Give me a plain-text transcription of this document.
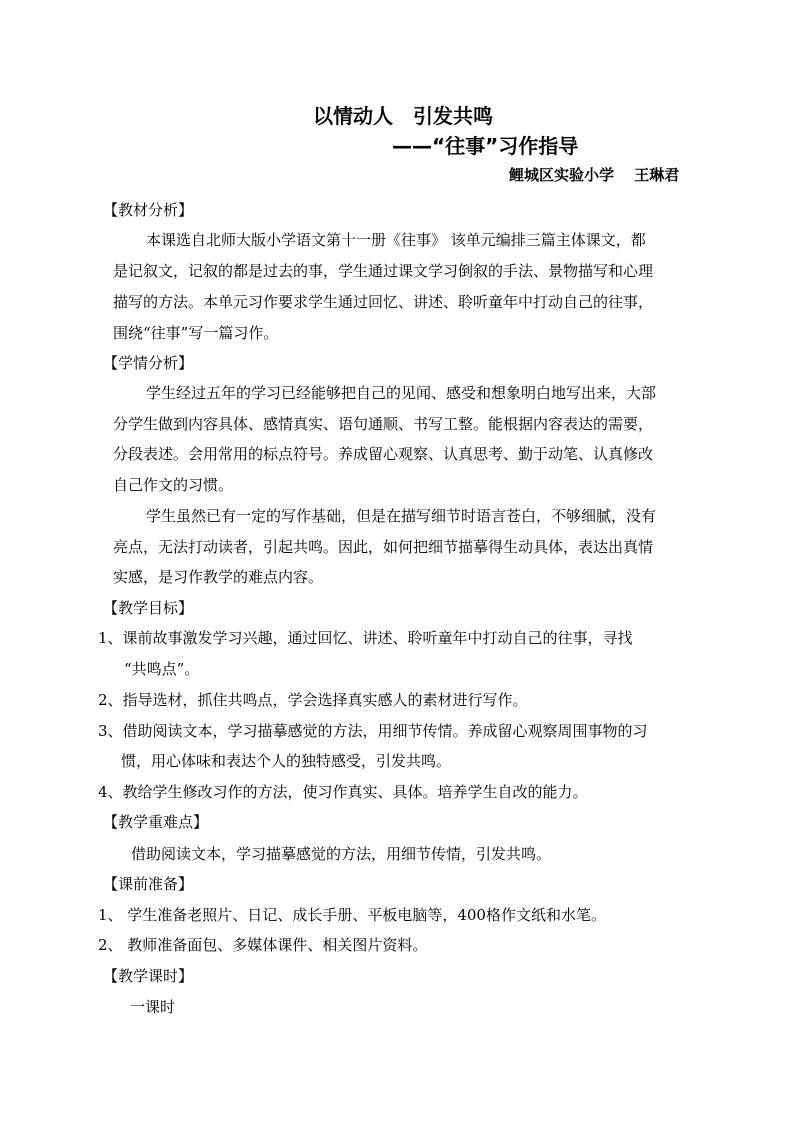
以情动人　引发共鸣
——“往事”习作指导
鲤城区实验小学　 王琳君
【教材分析】
本课选自北师大版小学语文第十一册《往事》 该单元编排三篇主体课文，都
是记叙文，记叙的都是过去的事，学生通过课文学习倒叙的手法、景物描写和心理
描写的方法。本单元习作要求学生通过回忆、讲述、聆听童年中打动自己的往事，
围绕“往事”写一篇习作。
【学情分析】
学生经过五年的学习已经能够把自己的见闻、感受和想象明白地写出来，大部
分学生做到内容具体、感情真实、语句通顺、书写工整。能根据内容表达的需要，
分段表述。会用常用的标点符号。养成留心观察、认真思考、勤于动笔、认真修改
自己作文的习惯。
学生虽然已有一定的写作基础，但是在描写细节时语言苍白，不够细腻，没有
亮点，无法打动读者，引起共鸣。因此，如何把细节描摹得生动具体，表达出真情
实感，是习作教学的难点内容。
【教学目标】
1、课前故事激发学习兴趣，通过回忆、讲述、聆听童年中打动自己的往事，寻找
“共鸣点”。
2、指导选材，抓住共鸣点，学会选择真实感人的素材进行写作。
3、借助阅读文本，学习描摹感觉的方法，用细节传情。养成留心观察周围事物的习
惯，用心体味和表达个人的独特感受，引发共鸣。
4、教给学生修改习作的方法，使习作真实、具体。培养学生自改的能力。
【教学重难点】
借助阅读文本，学习描摹感觉的方法，用细节传情，引发共鸣。
【课前准备】
1、 学生准备老照片、日记、成长手册、平板电脑等，400格作文纸和水笔。
2、 教师准备面包、多媒体课件、相关图片资料。
【教学课时】
一课时
